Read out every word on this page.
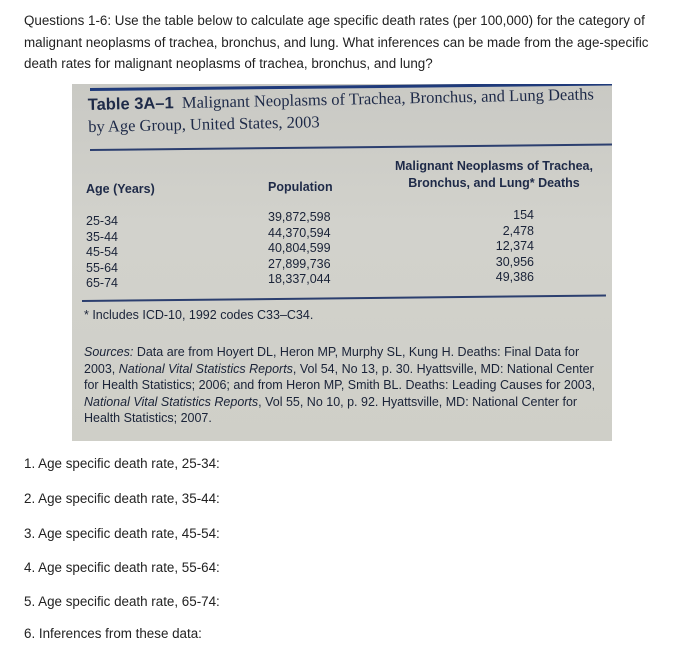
Questions 1-6: Use the table below to calculate age specific death rates (per 100,000) for the category of malignant neoplasms of trachea, bronchus, and lung. What inferences can be made from the age-specific death rates for malignant neoplasms of trachea, bronchus, and lung?
Table 3A–1 Malignant Neoplasms of Trachea, Bronchus, and Lung Deaths by Age Group, United States, 2003
Age (Years)	Population
Malignant Neoplasms of Trachea,
Bronchus, and Lung* Deaths
25-34
35-44
45-54
55-64
65-74
39,872,598
44,370,594
40,804,599
27,899,736
18,337,044
154
2,478
12,374
30,956
49,386
* Includes ICD-10, 1992 codes C33–C34.
Sources: Data are from Hoyert DL, Heron MP, Murphy SL, Kung H. Deaths: Final Data for 2003, National Vital Statistics Reports, Vol 54, No 13, p. 30. Hyattsville, MD: National Center for Health Statistics; 2006; and from Heron MP, Smith BL. Deaths: Leading Causes for 2003, National Vital Statistics Reports, Vol 55, No 10, p. 92. Hyattsville, MD: National Center for Health Statistics; 2007.
1. Age specific death rate, 25-34:
2. Age specific death rate, 35-44:
3. Age specific death rate, 45-54:
4. Age specific death rate, 55-64:
5. Age specific death rate, 65-74:
6. Inferences from these data:
